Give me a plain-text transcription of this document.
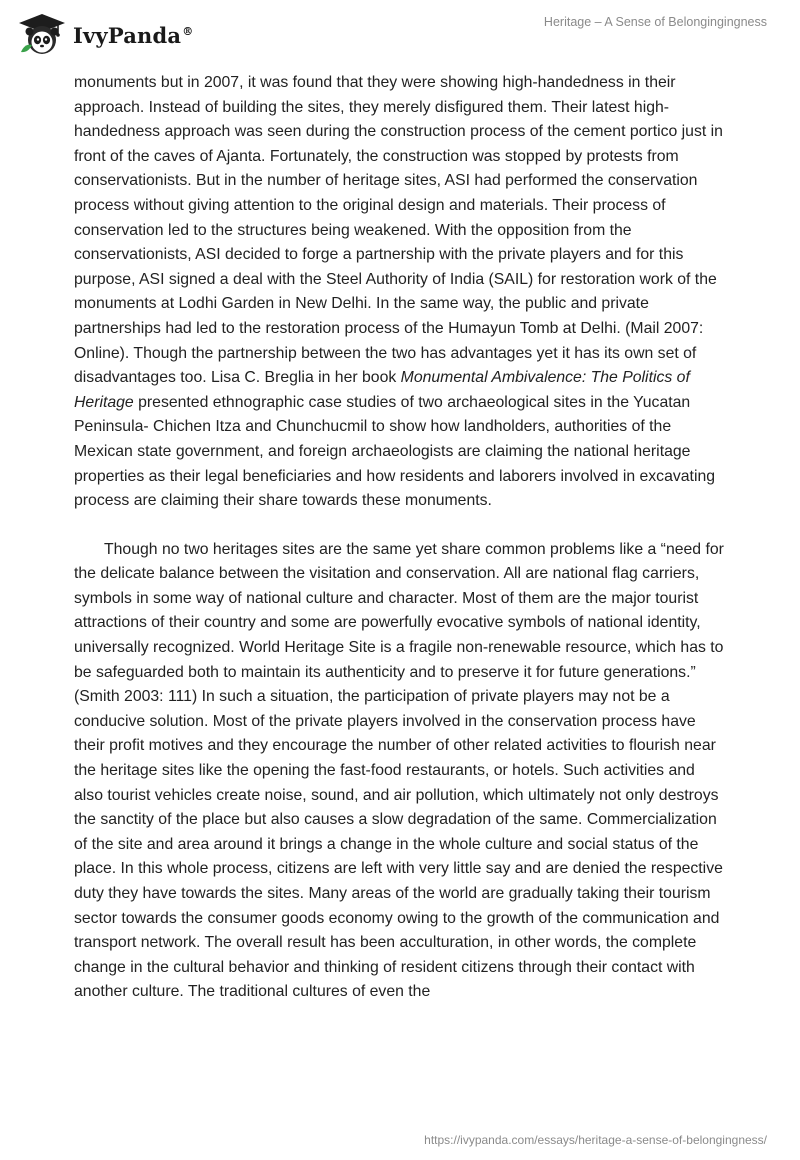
IvyPanda®
Heritage – A Sense of Belongingingness

monuments but in 2007, it was found that they were showing high-handedness in their approach. Instead of building the sites, they merely disfigured them. Their latest high-handedness approach was seen during the construction process of the cement portico just in front of the caves of Ajanta. Fortunately, the construction was stopped by protests from conservationists. But in the number of heritage sites, ASI had performed the conservation process without giving attention to the original design and materials. Their process of conservation led to the structures being weakened. With the opposition from the conservationists, ASI decided to forge a partnership with the private players and for this purpose, ASI signed a deal with the Steel Authority of India (SAIL) for restoration work of the monuments at Lodhi Garden in New Delhi. In the same way, the public and private partnerships had led to the restoration process of the Humayun Tomb at Delhi. (Mail 2007: Online). Though the partnership between the two has advantages yet it has its own set of disadvantages too. Lisa C. Breglia in her book Monumental Ambivalence: The Politics of Heritage presented ethnographic case studies of two archaeological sites in the Yucatan Peninsula- Chichen Itza and Chunchucmil to show how landholders, authorities of the Mexican state government, and foreign archaeologists are claiming the national heritage properties as their legal beneficiaries and how residents and laborers involved in excavating process are claiming their share towards these monuments.

Though no two heritages sites are the same yet share common problems like a “need for the delicate balance between the visitation and conservation. All are national flag carriers, symbols in some way of national culture and character. Most of them are the major tourist attractions of their country and some are powerfully evocative symbols of national identity, universally recognized. World Heritage Site is a fragile non-renewable resource, which has to be safeguarded both to maintain its authenticity and to preserve it for future generations.” (Smith 2003: 111) In such a situation, the participation of private players may not be a conducive solution. Most of the private players involved in the conservation process have their profit motives and they encourage the number of other related activities to flourish near the heritage sites like the opening the fast-food restaurants, or hotels. Such activities and also tourist vehicles create noise, sound, and air pollution, which ultimately not only destroys the sanctity of the place but also causes a slow degradation of the same. Commercialization of the site and area around it brings a change in the whole culture and social status of the place. In this whole process, citizens are left with very little say and are denied the respective duty they have towards the sites. Many areas of the world are gradually taking their tourism sector towards the consumer goods economy owing to the growth of the communication and transport network. The overall result has been acculturation, in other words, the complete change in the cultural behavior and thinking of resident citizens through their contact with another culture. The traditional cultures of even the

https://ivypanda.com/essays/heritage-a-sense-of-belongingness/
